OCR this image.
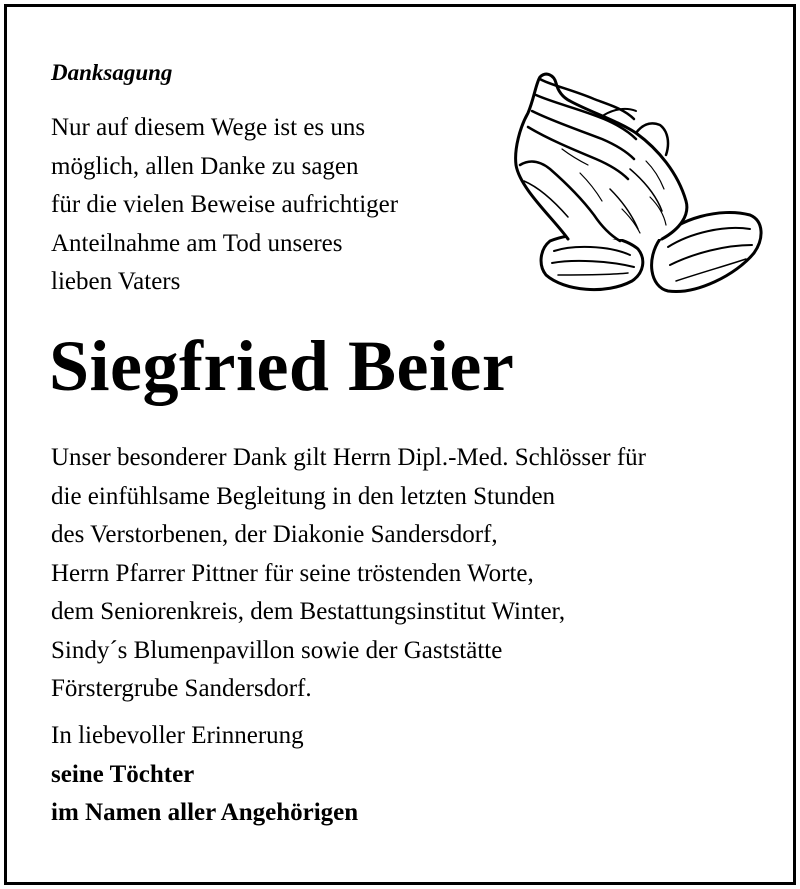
Danksagung
Nur auf diesem Wege ist es uns
möglich, allen Danke zu sagen
für die vielen Beweise aufrichtiger
Anteilnahme am Tod unseres
lieben Vaters
Siegfried Beier
Unser besonderer Dank gilt Herrn Dipl.-Med. Schlösser für
die einfühlsame Begleitung in den letzten Stunden
des Verstorbenen, der Diakonie Sandersdorf,
Herrn Pfarrer Pittner für seine tröstenden Worte,
dem Seniorenkreis, dem Bestattungsinstitut Winter,
Sindy´s Blumenpavillon sowie der Gaststätte
Förstergrube Sandersdorf.
In liebevoller Erinnerung
seine Töchter
im Namen aller Angehörigen
